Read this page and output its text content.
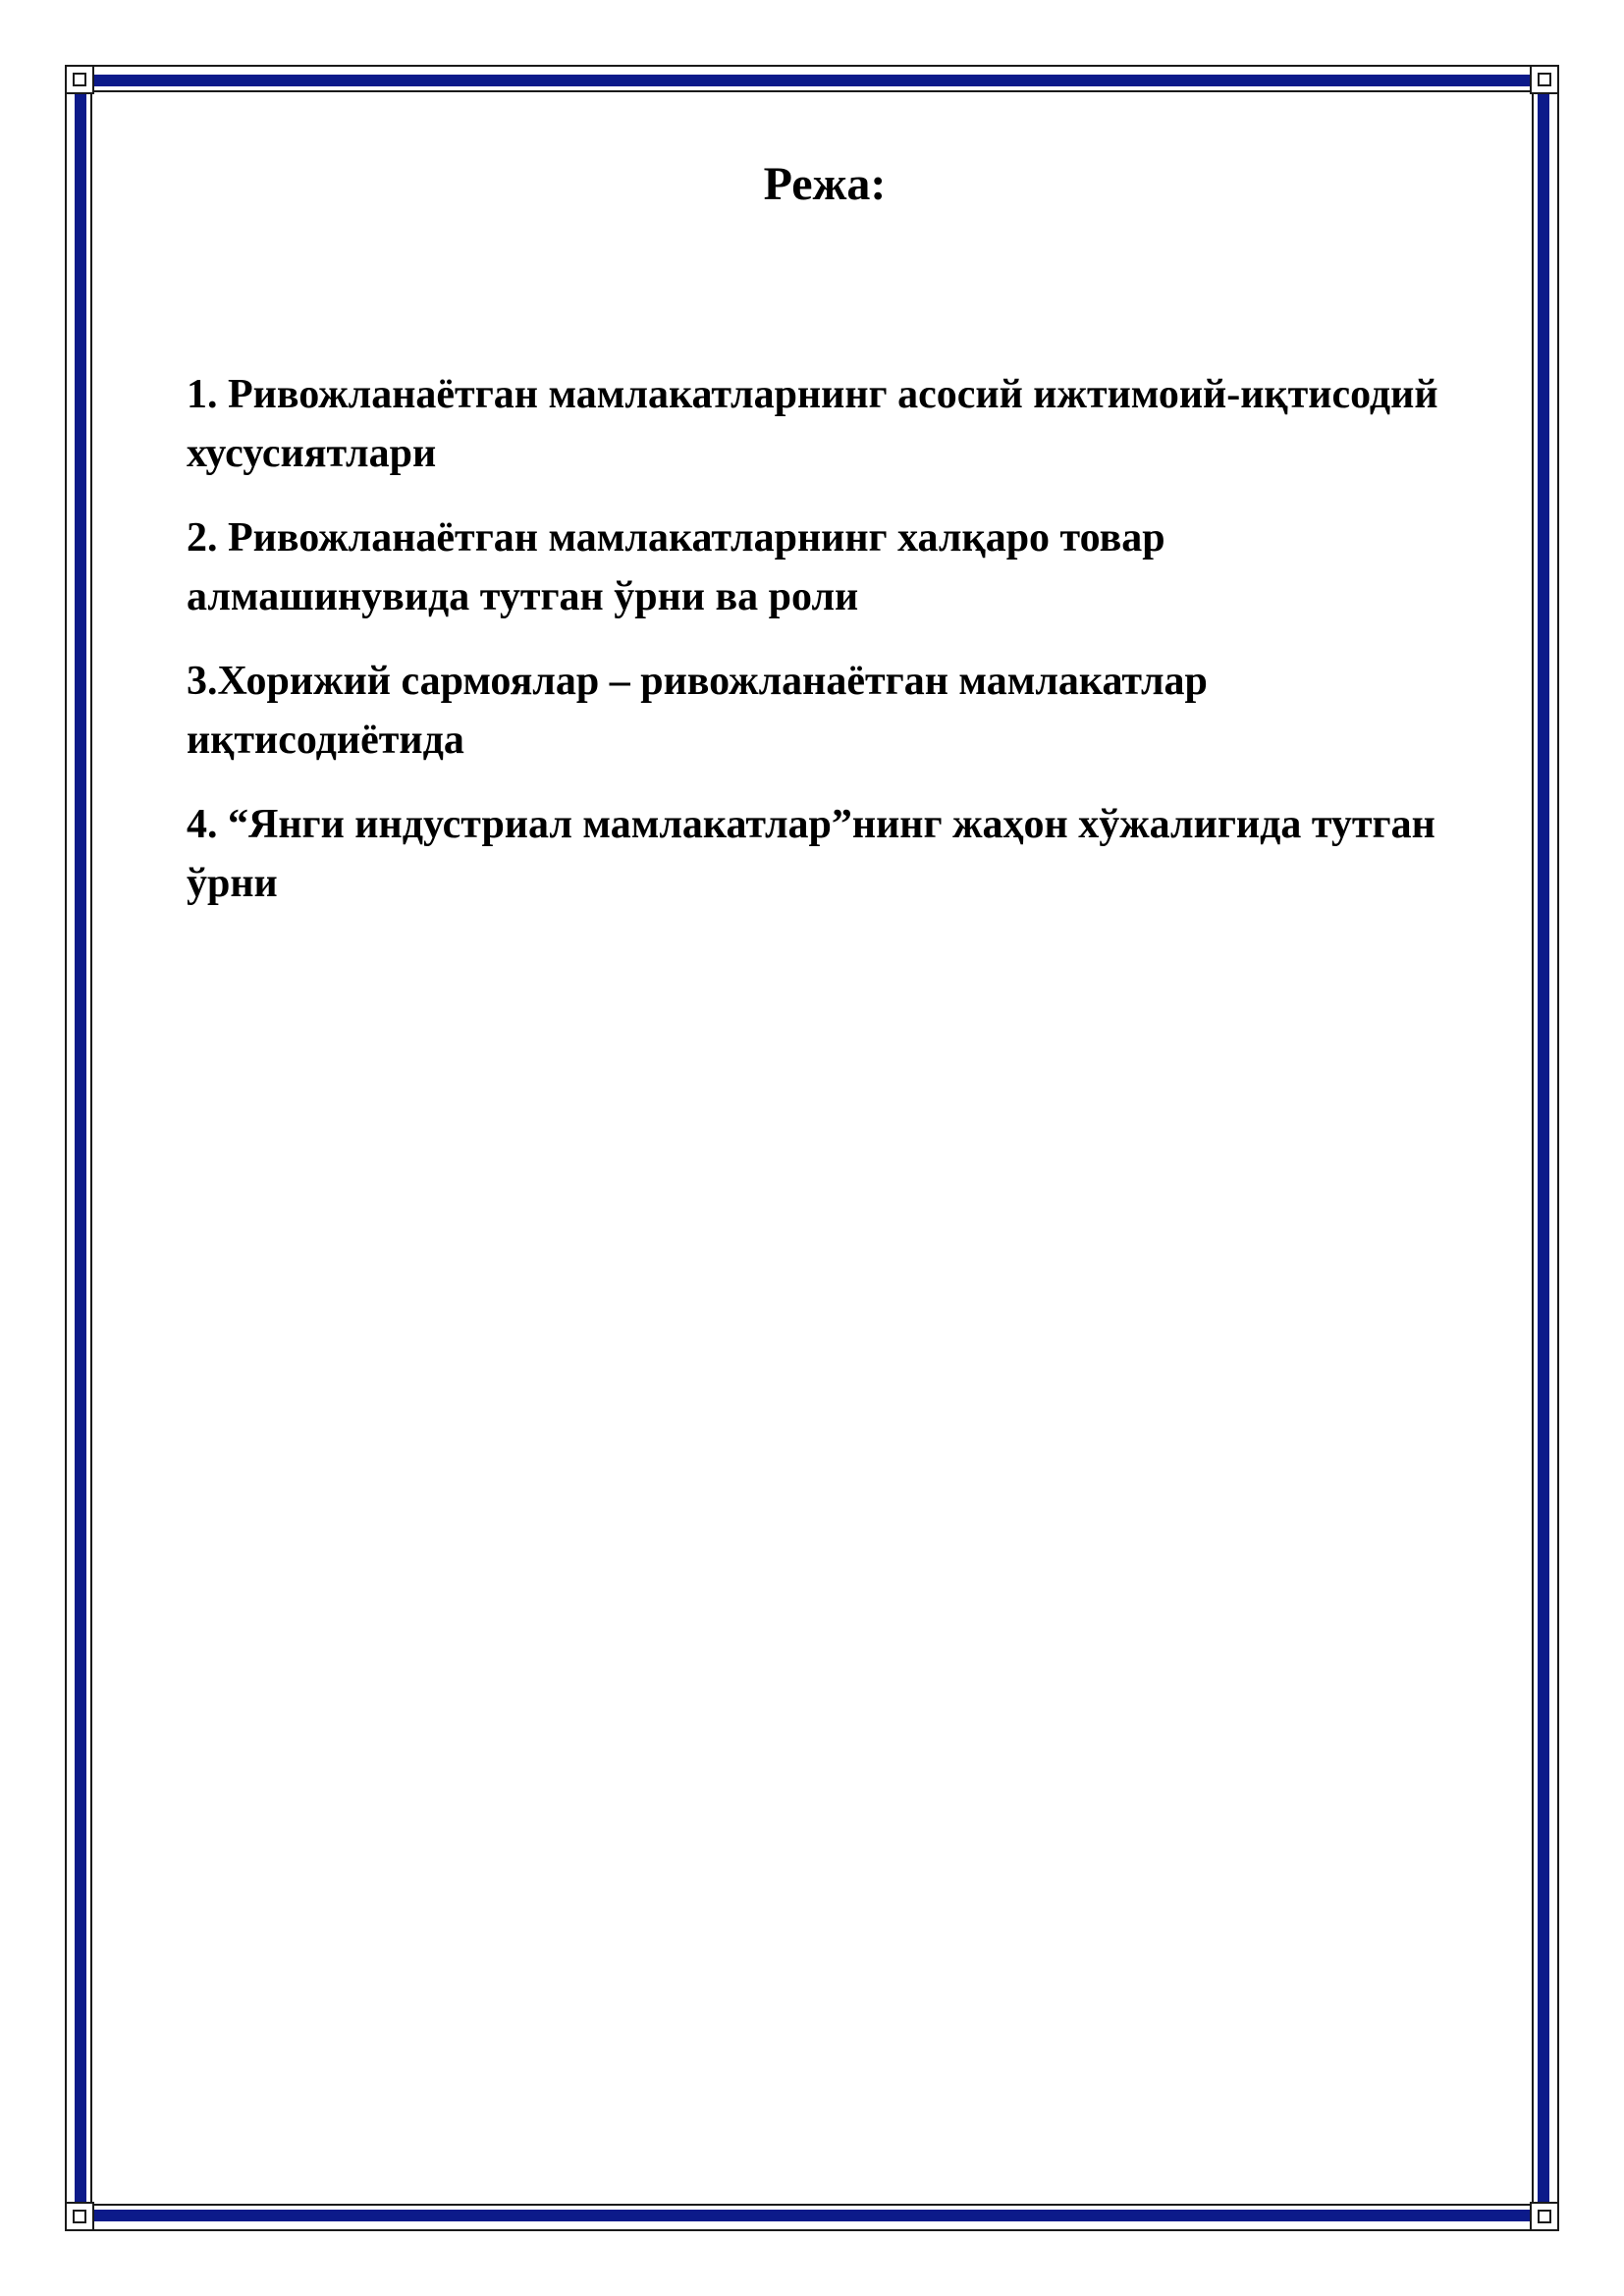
Режа:
1. Ривожланаётган мамлакатларнинг асосий ижтимоий-иқтисодий хусусиятлари
2. Ривожланаётган мамлакатларнинг халқаро товар алмашинувида тутган ўрни ва роли
3.Хорижий сармоялар – ривожланаётган мамлакатлар иқтисодиётида
4. “Янги индустриал мамлакатлар”нинг жаҳон хўжалигида тутган ўрни
